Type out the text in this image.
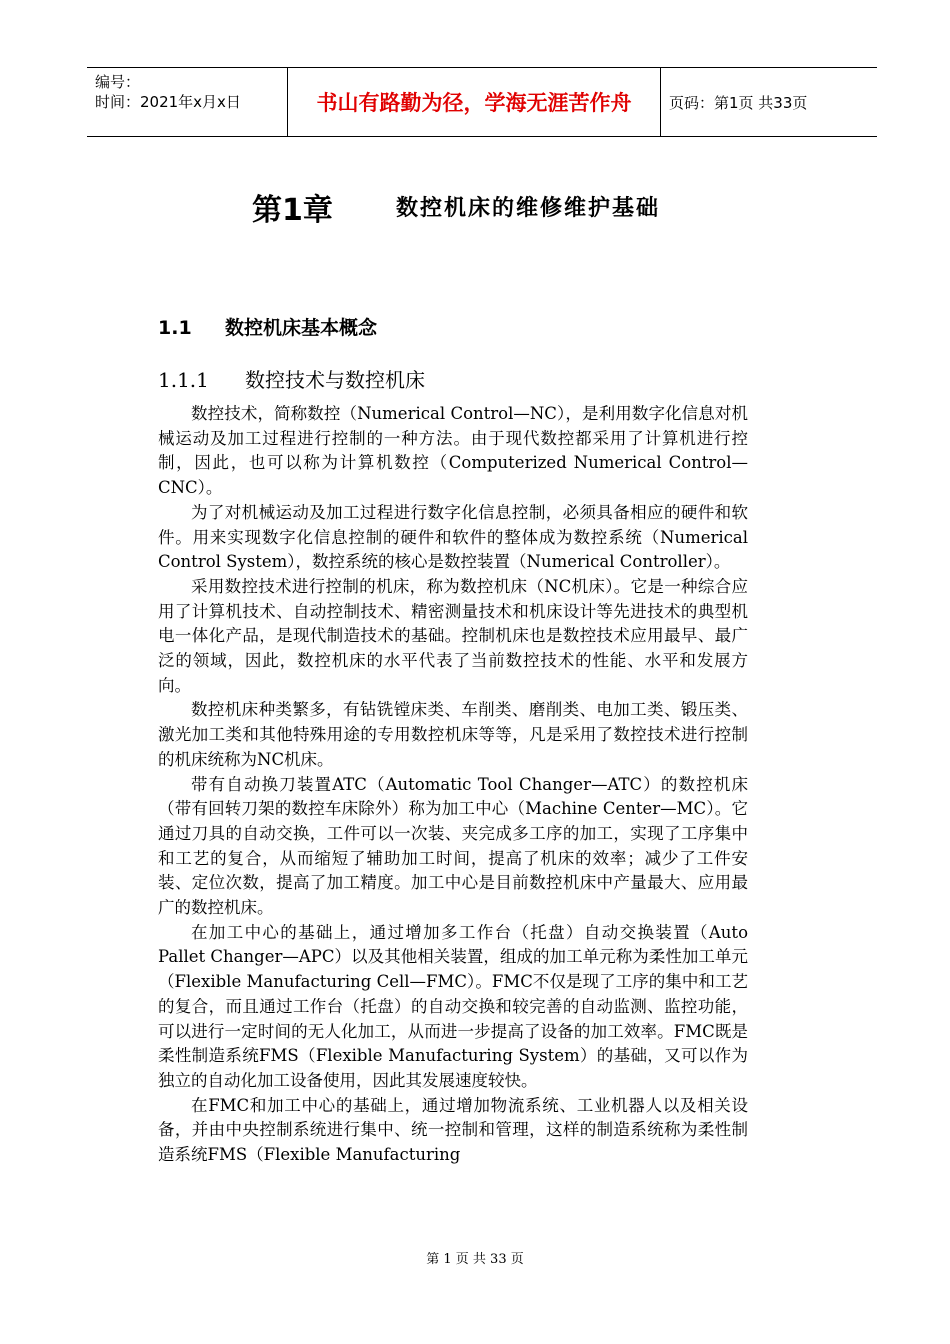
编号：
时间：2021年x月x日	书山有路勤为径，学海无涯苦作舟	页码：第1页 共33页
第1章	数控机床的维修维护基础
1.1 数控机床基本概念
1.1.1 数控技术与数控机床

数控技术，简称数控（Numerical Control—NC），是利用数字化信息对机械运动及加工过程进行控制的一种方法。由于现代数控都采用了计算机进行控制，因此，也可以称为计算机数控（Computerized Numerical Control—CNC）。

为了对机械运动及加工过程进行数字化信息控制，必须具备相应的硬件和软件。用来实现数字化信息控制的硬件和软件的整体成为数控系统（Numerical Control System），数控系统的核心是数控装置（Numerical Controller）。

采用数控技术进行控制的机床，称为数控机床（NC机床）。它是一种综合应用了计算机技术、自动控制技术、精密测量技术和机床设计等先进技术的典型机电一体化产品，是现代制造技术的基础。控制机床也是数控技术应用最早、最广泛的领域，因此，数控机床的水平代表了当前数控技术的性能、水平和发展方向。

数控机床种类繁多，有钻铣镗床类、车削类、磨削类、电加工类、锻压类、激光加工类和其他特殊用途的专用数控机床等等，凡是采用了数控技术进行控制的机床统称为NC机床。

带有自动换刀装置ATC（Automatic Tool Changer—ATC）的数控机床（带有回转刀架的数控车床除外）称为加工中心（Machine Center—MC）。它通过刀具的自动交换，工件可以一次装、夹完成多工序的加工，实现了工序集中和工艺的复合，从而缩短了辅助加工时间，提高了机床的效率；减少了工件安装、定位次数，提高了加工精度。加工中心是目前数控机床中产量最大、应用最广的数控机床。

在加工中心的基础上，通过增加多工作台（托盘）自动交换装置（Auto Pallet Changer—APC）以及其他相关装置，组成的加工单元称为柔性加工单元（Flexible Manufacturing Cell—FMC）。FMC不仅是现了工序的集中和工艺的复合，而且通过工作台（托盘）的自动交换和较完善的自动监测、监控功能，可以进行一定时间的无人化加工，从而进一步提高了设备的加工效率。FMC既是柔性制造系统FMS（Flexible Manufacturing System）的基础，又可以作为独立的自动化加工设备使用，因此其发展速度较快。

在FMC和加工中心的基础上，通过增加物流系统、工业机器人以及相关设备，并由中央控制系统进行集中、统一控制和管理，这样的制造系统称为柔性制造系统FMS（Flexible Manufacturing

第 1 页 共 33 页
